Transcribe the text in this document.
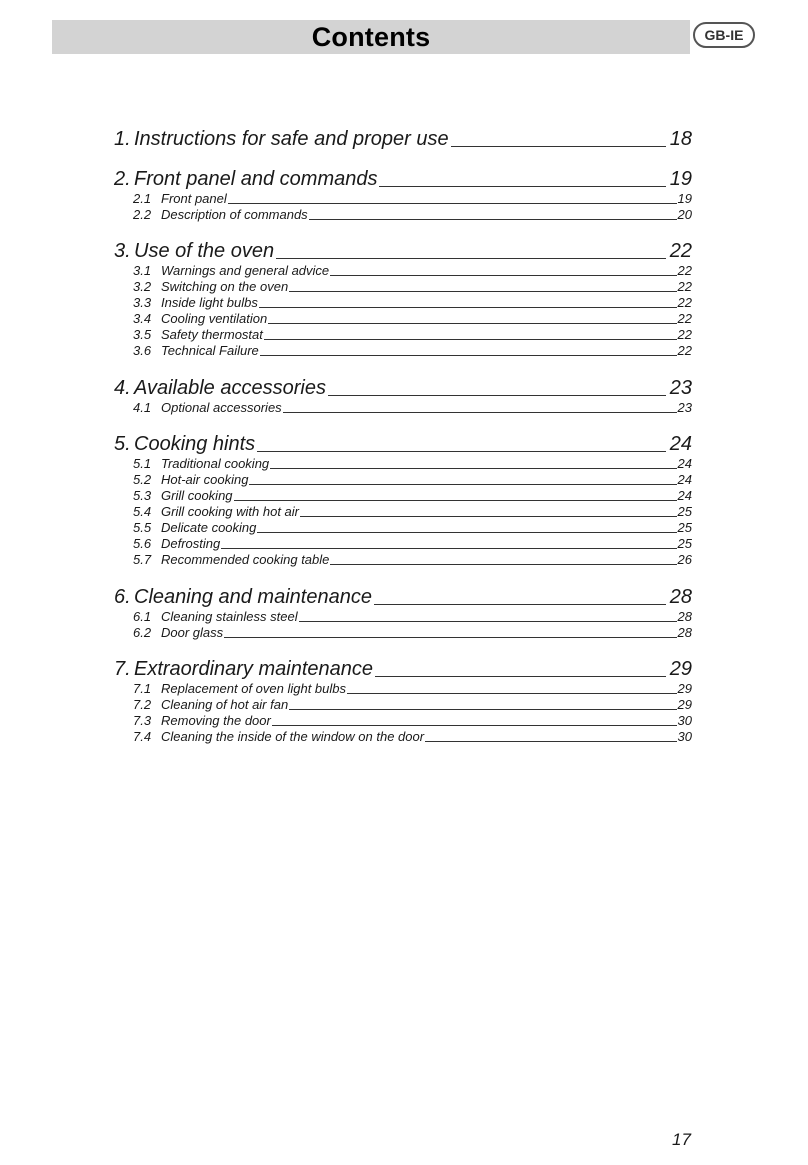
Contents	GB-IE
1. Instructions for safe and proper use	18
2. Front panel and commands	19
2.1 Front panel	19
2.2 Description of commands	20
3. Use of the oven	22
3.1 Warnings and general advice	22
3.2 Switching on the oven	22
3.3 Inside light bulbs	22
3.4 Cooling ventilation	22
3.5 Safety thermostat	22
3.6 Technical Failure	22
4. Available accessories	23
4.1 Optional accessories	23
5. Cooking hints	24
5.1 Traditional cooking	24
5.2 Hot-air cooking	24
5.3 Grill cooking	24
5.4 Grill cooking with hot air	25
5.5 Delicate cooking	25
5.6 Defrosting	25
5.7 Recommended cooking table	26
6. Cleaning and maintenance	28
6.1 Cleaning stainless steel	28
6.2 Door glass	28
7. Extraordinary maintenance	29
7.1 Replacement of oven light bulbs	29
7.2 Cleaning of hot air fan	29
7.3 Removing the door	30
7.4 Cleaning the inside of the window on the door	30
17
